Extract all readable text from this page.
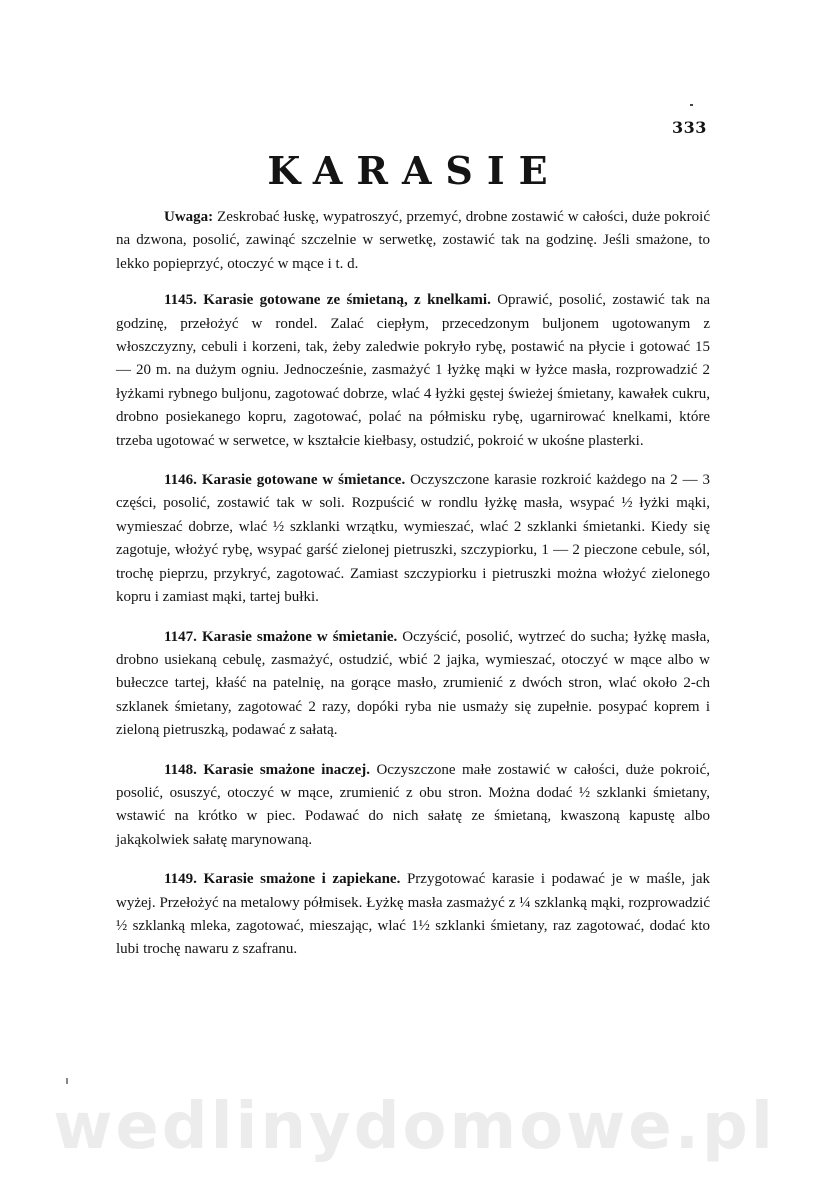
333
KARASIE

Uwaga: Zeskrobać łuskę, wypatroszyć, przemyć, drobne zostawić w całości, duże pokroić na dzwona, posolić, zawinąć szczelnie w serwetkę, zostawić tak na godzinę. Jeśli smażone, to lekko popieprzyć, otoczyć w mące i t. d.

1145. Karasie gotowane ze śmietaną, z knelkami. Oprawić, posolić, zostawić tak na godzinę, przełożyć w rondel. Zalać ciepłym, przecedzonym buljonem ugotowanym z włoszczyzny, cebuli i korzeni, tak, żeby zaledwie pokryło rybę, postawić na płycie i gotować 15 — 20 m. na dużym ogniu. Jednocześnie, zasmażyć 1 łyżkę mąki w łyżce masła, rozprowadzić 2 łyżkami rybnego buljonu, zagotować dobrze, wlać 4 łyżki gęstej świeżej śmietany, kawałek cukru, drobno posiekanego kopru, zagotować, polać na półmisku rybę, ugarnirować knelkami, które trzeba ugotować w serwetce, w kształcie kiełbasy, ostudzić, pokroić w ukośne plasterki.

1146. Karasie gotowane w śmietance. Oczyszczone karasie rozkroić każdego na 2 — 3 części, posolić, zostawić tak w soli. Rozpuścić w rondlu łyżkę masła, wsypać ½ łyżki mąki, wymieszać dobrze, wlać ½ szklanki wrzątku, wymieszać, wlać 2 szklanki śmietanki. Kiedy się zagotuje, włożyć rybę, wsypać garść zielonej pietruszki, szczypiorku, 1 — 2 pieczone cebule, sól, trochę pieprzu, przykryć, zagotować. Zamiast szczypiorku i pietruszki można włożyć zielonego kopru i zamiast mąki, tartej bułki.

1147. Karasie smażone w śmietanie. Oczyścić, posolić, wytrzeć do sucha; łyżkę masła, drobno usiekaną cebulę, zasmażyć, ostudzić, wbić 2 jajka, wymieszać, otoczyć w mące albo w bułeczce tartej, kłaść na patelnię, na gorące masło, zrumienić z dwóch stron, wlać około 2-ch szklanek śmietany, zagotować 2 razy, dopóki ryba nie usmaży się zupełnie. posypać koprem i zieloną pietruszką, podawać z sałatą.

1148. Karasie smażone inaczej. Oczyszczone małe zostawić w całości, duże pokroić, posolić, osuszyć, otoczyć w mące, zrumienić z obu stron. Można dodać ½ szklanki śmietany, wstawić na krótko w piec. Podawać do nich sałatę ze śmietaną, kwaszoną kapustę albo jakąkolwiek sałatę marynowaną.

1149. Karasie smażone i zapiekane. Przygotować karasie i podawać je w maśle, jak wyżej. Przełożyć na metalowy półmisek. Łyżkę masła zasmażyć z ¼ szklanką mąki, rozprowadzić ½ szklanką mleka, zagotować, mieszając, wlać 1½ szklanki śmietany, raz zagotować, dodać kto lubi trochę nawaru z szafranu.

wedlinydomowe.pl
